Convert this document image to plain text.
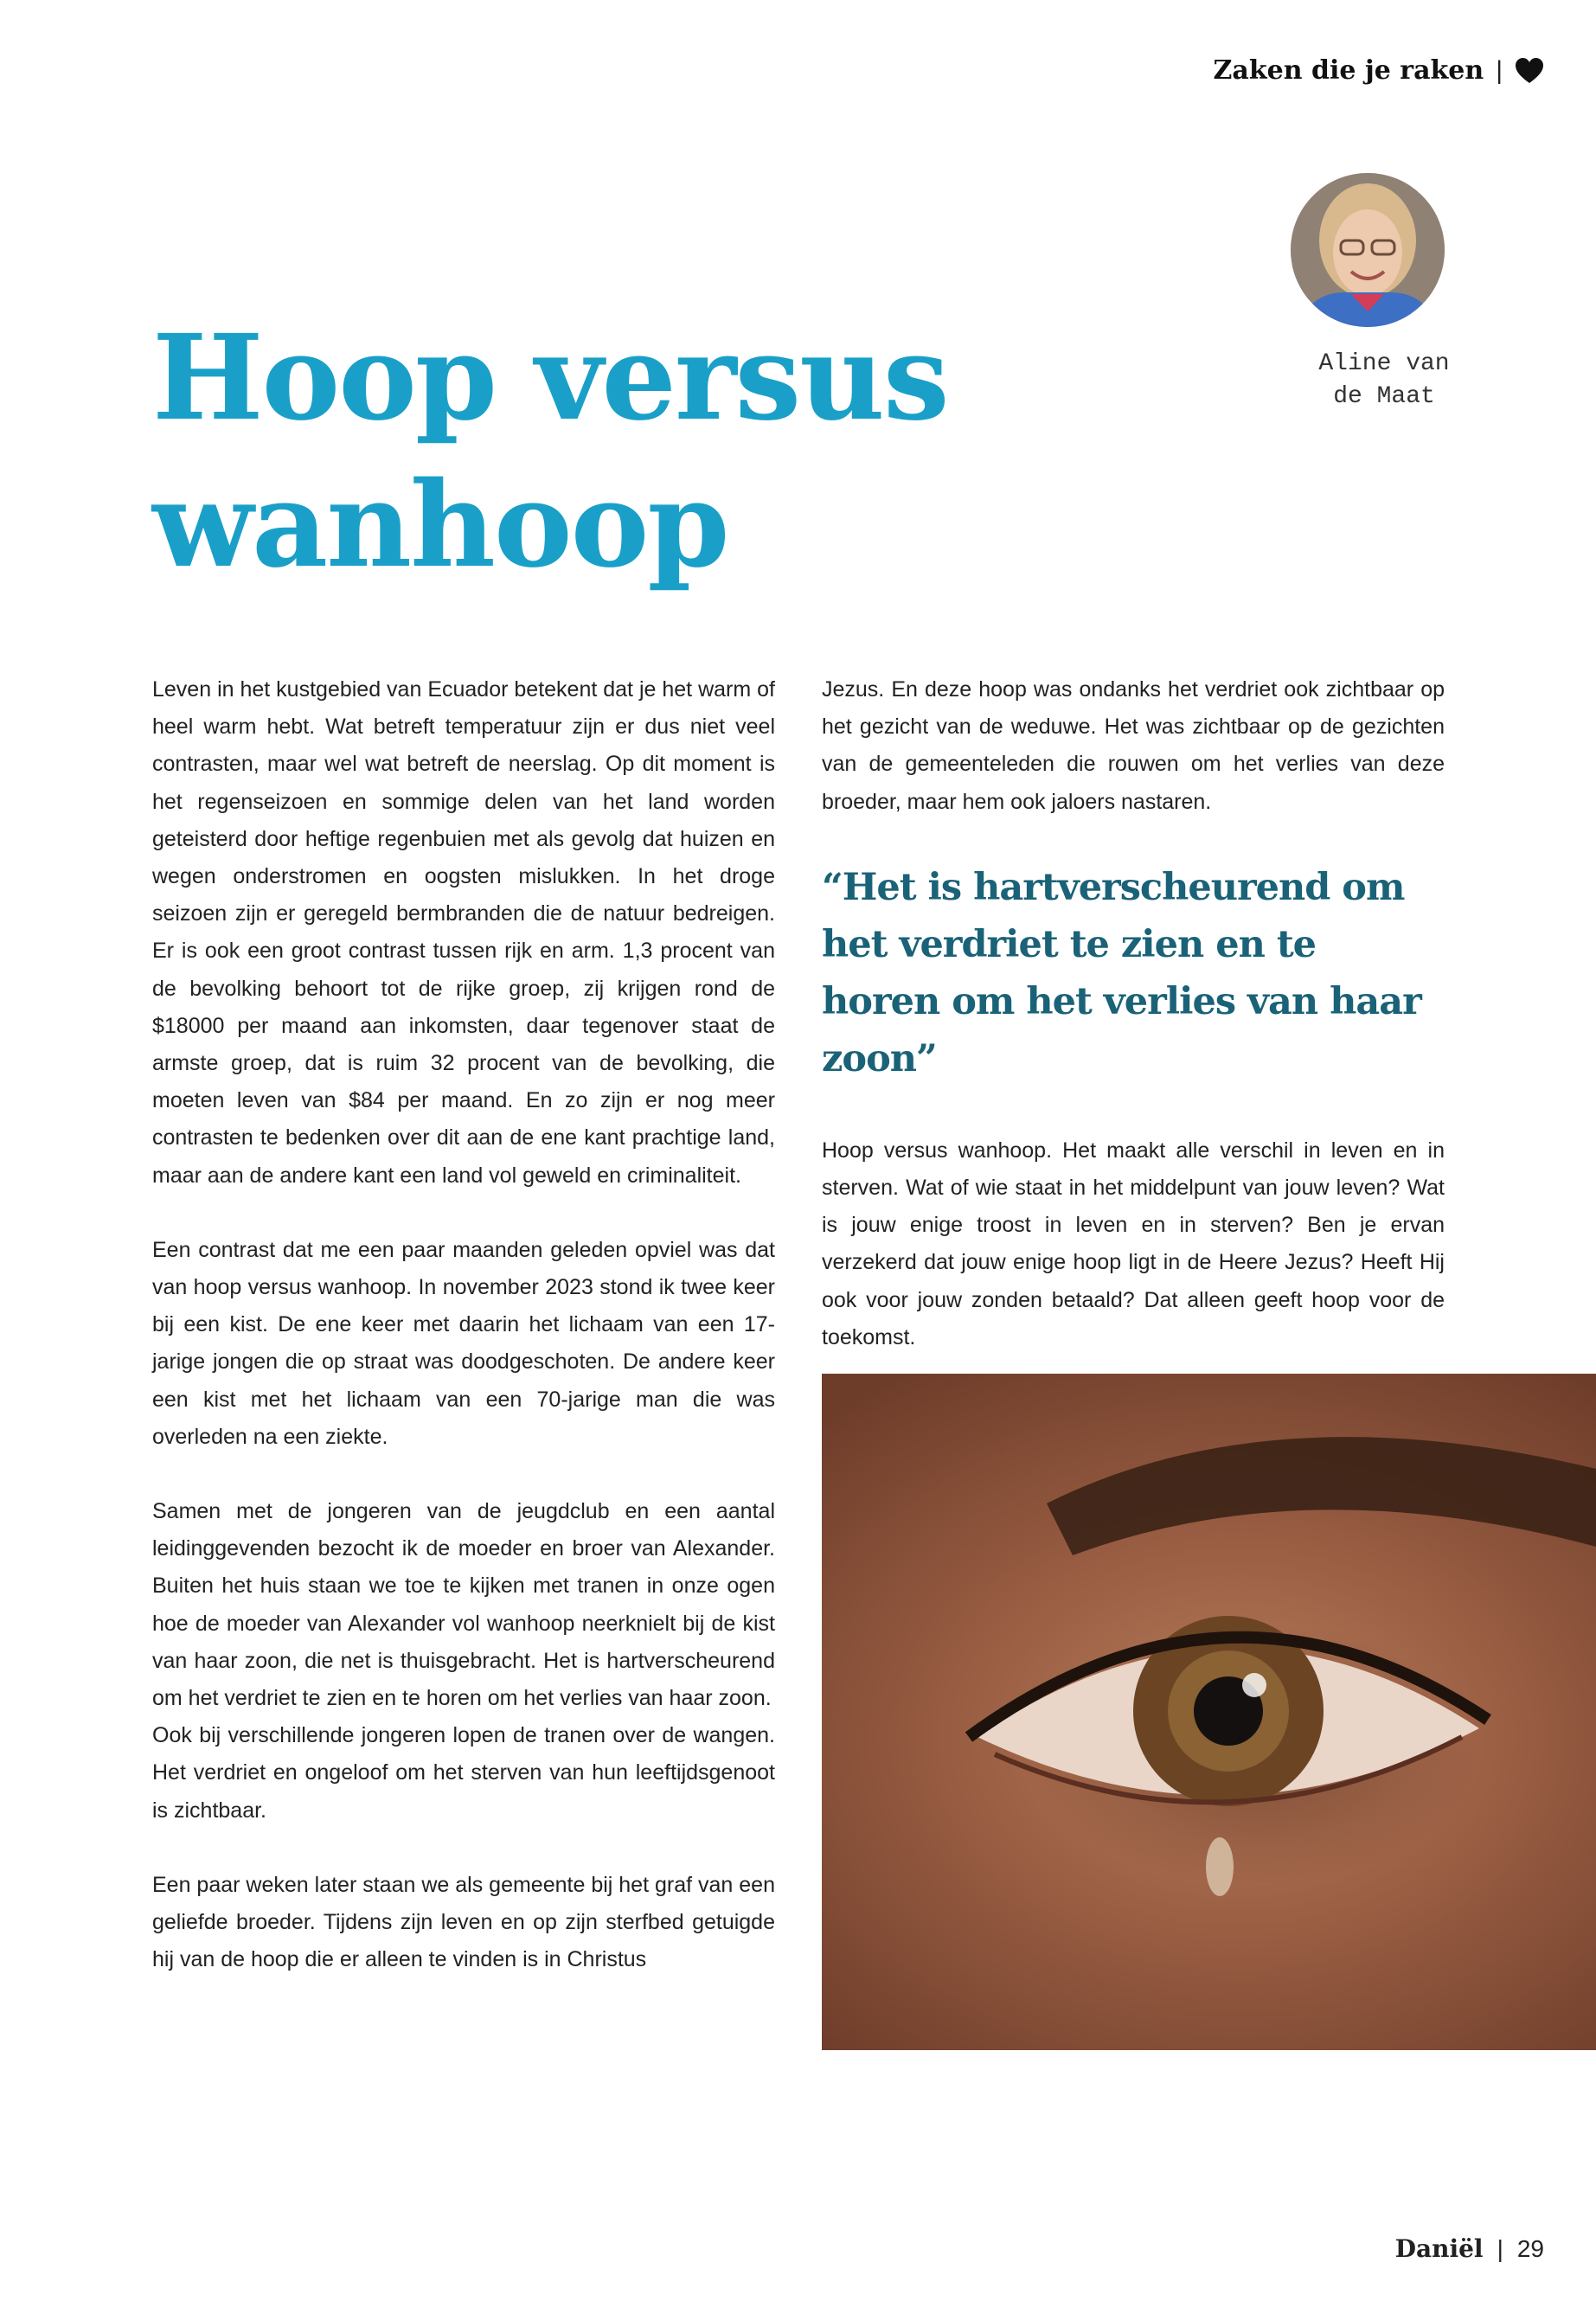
Zaken die je raken |
Aline van
de Maat
Hoop versus wanhoop

Leven in het kustgebied van Ecuador betekent dat je het warm of heel warm hebt. Wat betreft temperatuur zijn er dus niet veel contrasten, maar wel wat betreft de neerslag. Op dit moment is het regenseizoen en sommige delen van het land worden geteisterd door heftige regenbuien met als gevolg dat huizen en wegen onderstromen en oogsten mislukken. In het droge seizoen zijn er geregeld bermbranden die de natuur bedreigen. Er is ook een groot contrast tussen rijk en arm. 1,3 procent van de bevolking behoort tot de rijke groep, zij krijgen rond de $18000 per maand aan inkomsten, daar tegenover staat de armste groep, dat is ruim 32 procent van de bevolking, die moeten leven van $84 per maand. En zo zijn er nog meer contrasten te bedenken over dit aan de ene kant prachtige land, maar aan de andere kant een land vol geweld en criminaliteit.

Een contrast dat me een paar maanden geleden opviel was dat van hoop versus wanhoop. In november 2023 stond ik twee keer bij een kist. De ene keer met daarin het lichaam van een 17-jarige jongen die op straat was doodgeschoten. De andere keer een kist met het lichaam van een 70-jarige man die was overleden na een ziekte.

Samen met de jongeren van de jeugdclub en een aantal leidinggevenden bezocht ik de moeder en broer van Alexander. Buiten het huis staan we toe te kijken met tranen in onze ogen hoe de moeder van Alexander vol wanhoop neerknielt bij de kist van haar zoon, die net is thuisgebracht. Het is hartverscheurend om het verdriet te zien en te horen om het verlies van haar zoon.

Ook bij verschillende jongeren lopen de tranen over de wangen. Het verdriet en ongeloof om het sterven van hun leeftijdsgenoot is zichtbaar.

Een paar weken later staan we als gemeente bij het graf van een geliefde broeder. Tijdens zijn leven en op zijn sterfbed getuigde hij van de hoop die er alleen te vinden is in Christus

Jezus. En deze hoop was ondanks het verdriet ook zichtbaar op het gezicht van de weduwe. Het was zichtbaar op de gezichten van de gemeenteleden die rouwen om het verlies van deze broeder, maar hem ook jaloers nastaren.

“Het is hartverscheurend om het verdriet te zien en te horen om het verlies van haar zoon”

Hoop versus wanhoop. Het maakt alle verschil in leven en in sterven. Wat of wie staat in het middelpunt van jouw leven? Wat is jouw enige troost in leven en in sterven? Ben je ervan verzekerd dat jouw enige hoop ligt in de Heere Jezus? Heeft Hij ook voor jouw zonden betaald? Dat alleen geeft hoop voor de toekomst.

Daniël | 29
